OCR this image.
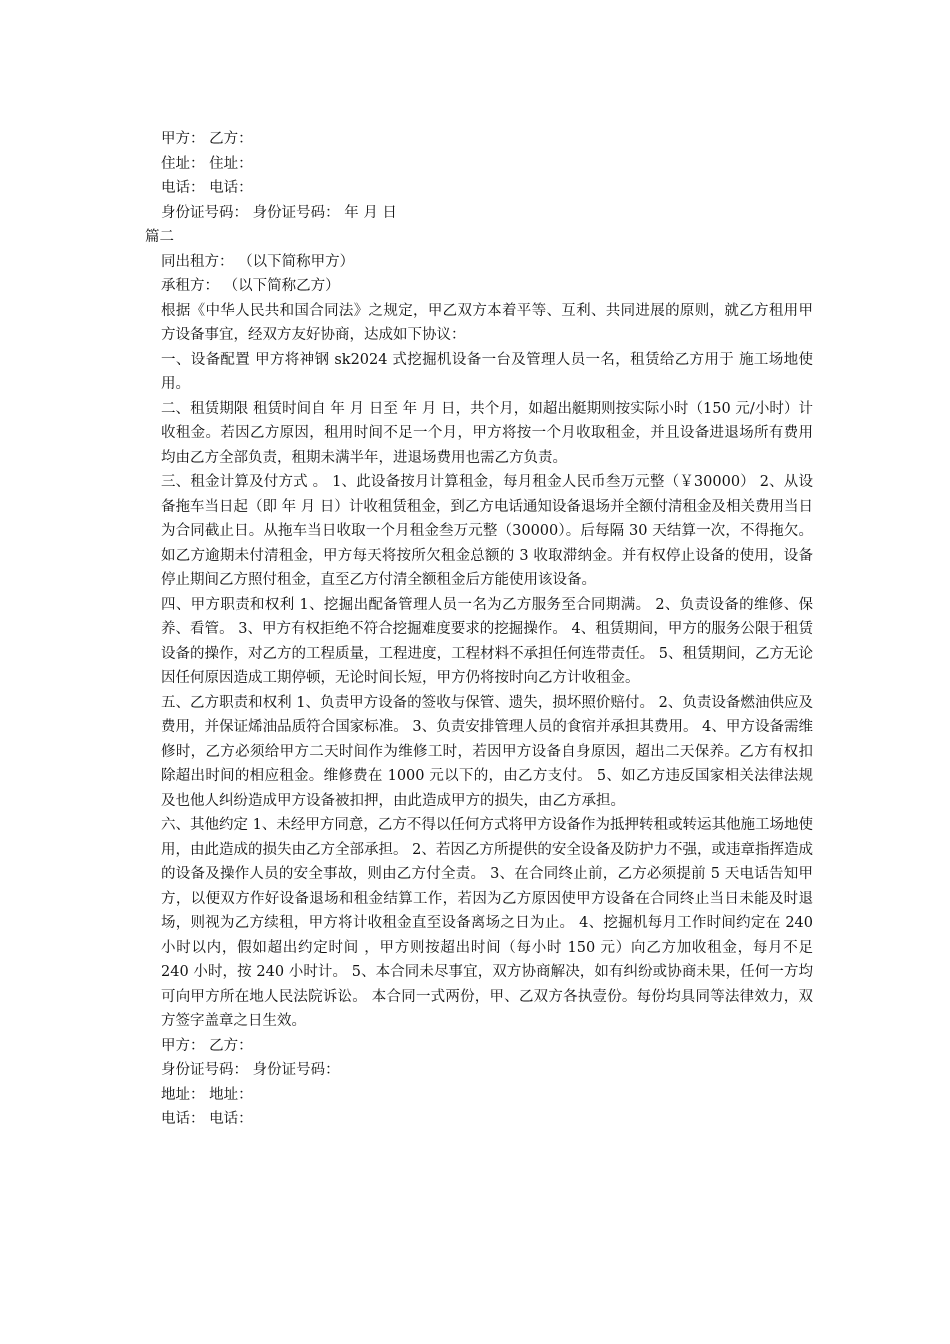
甲方： 乙方：
住址： 住址：
电话： 电话：
身份证号码： 身份证号码： 年 月 日
篇二
同出租方： （以下简称甲方）
承租方： （以下简称乙方）
根据《中华人民共和国合同法》之规定，甲乙双方本着平等、互利、共同进展的原则，就乙方租用甲方设备事宜，经双方友好协商，达成如下协议：
一、设备配置 甲方将神钢 sk2024 式挖掘机设备一台及管理人员一名，租赁给乙方用于 施工场地使用。
二、租赁期限 租赁时间自 年 月 日至 年 月 日，共个月，如超出艇期则按实际小时（150 元/小时）计收租金。若因乙方原因，租用时间不足一个月，甲方将按一个月收取租金，并且设备进退场所有费用均由乙方全部负责，租期未满半年，进退场费用也需乙方负责。
三、租金计算及付方式 。 1、此设备按月计算租金，每月租金人民币叁万元整（￥30000） 2、从设备拖车当日起（即 年 月 日）计收租赁租金，到乙方电话通知设备退场并全额付清租金及相关费用当日为合同截止日。从拖车当日收取一个月租金叁万元整（30000）。后每隔 30 天结算一次，不得拖欠。如乙方逾期未付清租金，甲方每天将按所欠租金总额的 3 收取滞纳金。并有权停止设备的使用，设备停止期间乙方照付租金，直至乙方付清全额租金后方能使用该设备。
四、甲方职责和权利 1、挖掘出配备管理人员一名为乙方服务至合同期满。 2、负责设备的维修、保养、看管。 3、甲方有权拒绝不符合挖掘难度要求的挖掘操作。 4、租赁期间，甲方的服务公限于租赁设备的操作，对乙方的工程质量，工程进度，工程材料不承担任何连带责任。 5、租赁期间，乙方无论因任何原因造成工期停顿，无论时间长短，甲方仍将按时向乙方计收租金。
五、乙方职责和权利 1、负责甲方设备的签收与保管、遗失，损坏照价赔付。 2、负责设备燃油供应及费用，并保证烯油品质符合国家标准。 3、负责安排管理人员的食宿并承担其费用。 4、甲方设备需维修时，乙方必须给甲方二天时间作为维修工时，若因甲方设备自身原因，超出二天保养。乙方有权扣除超出时间的相应租金。维修费在 1000 元以下的，由乙方支付。 5、如乙方违反国家相关法律法规及也他人纠纷造成甲方设备被扣押，由此造成甲方的损失，由乙方承担。
六、其他约定 1、未经甲方同意，乙方不得以任何方式将甲方设备作为抵押转租或转运其他施工场地使用，由此造成的损失由乙方全部承担。 2、若因乙方所提供的安全设备及防护力不强，或违章指挥造成的设备及操作人员的安全事故，则由乙方付全责。 3、在合同终止前，乙方必须提前 5 天电话告知甲方，以便双方作好设备退场和租金结算工作，若因为乙方原因使甲方设备在合同终止当日未能及时退场，则视为乙方续租，甲方将计收租金直至设备离场之日为止。 4、挖掘机每月工作时间约定在 240 小时以内，假如超出约定时间 ，甲方则按超出时间（每小时 150 元）向乙方加收租金，每月不足 240 小时，按 240 小时计。 5、本合同未尽事宜，双方协商解决，如有纠纷或协商未果，任何一方均可向甲方所在地人民法院诉讼。 本合同一式两份，甲、乙双方各执壹份。每份均具同等法律效力，双方签字盖章之日生效。
甲方： 乙方：
身份证号码： 身份证号码：
地址： 地址：
电话： 电话：
